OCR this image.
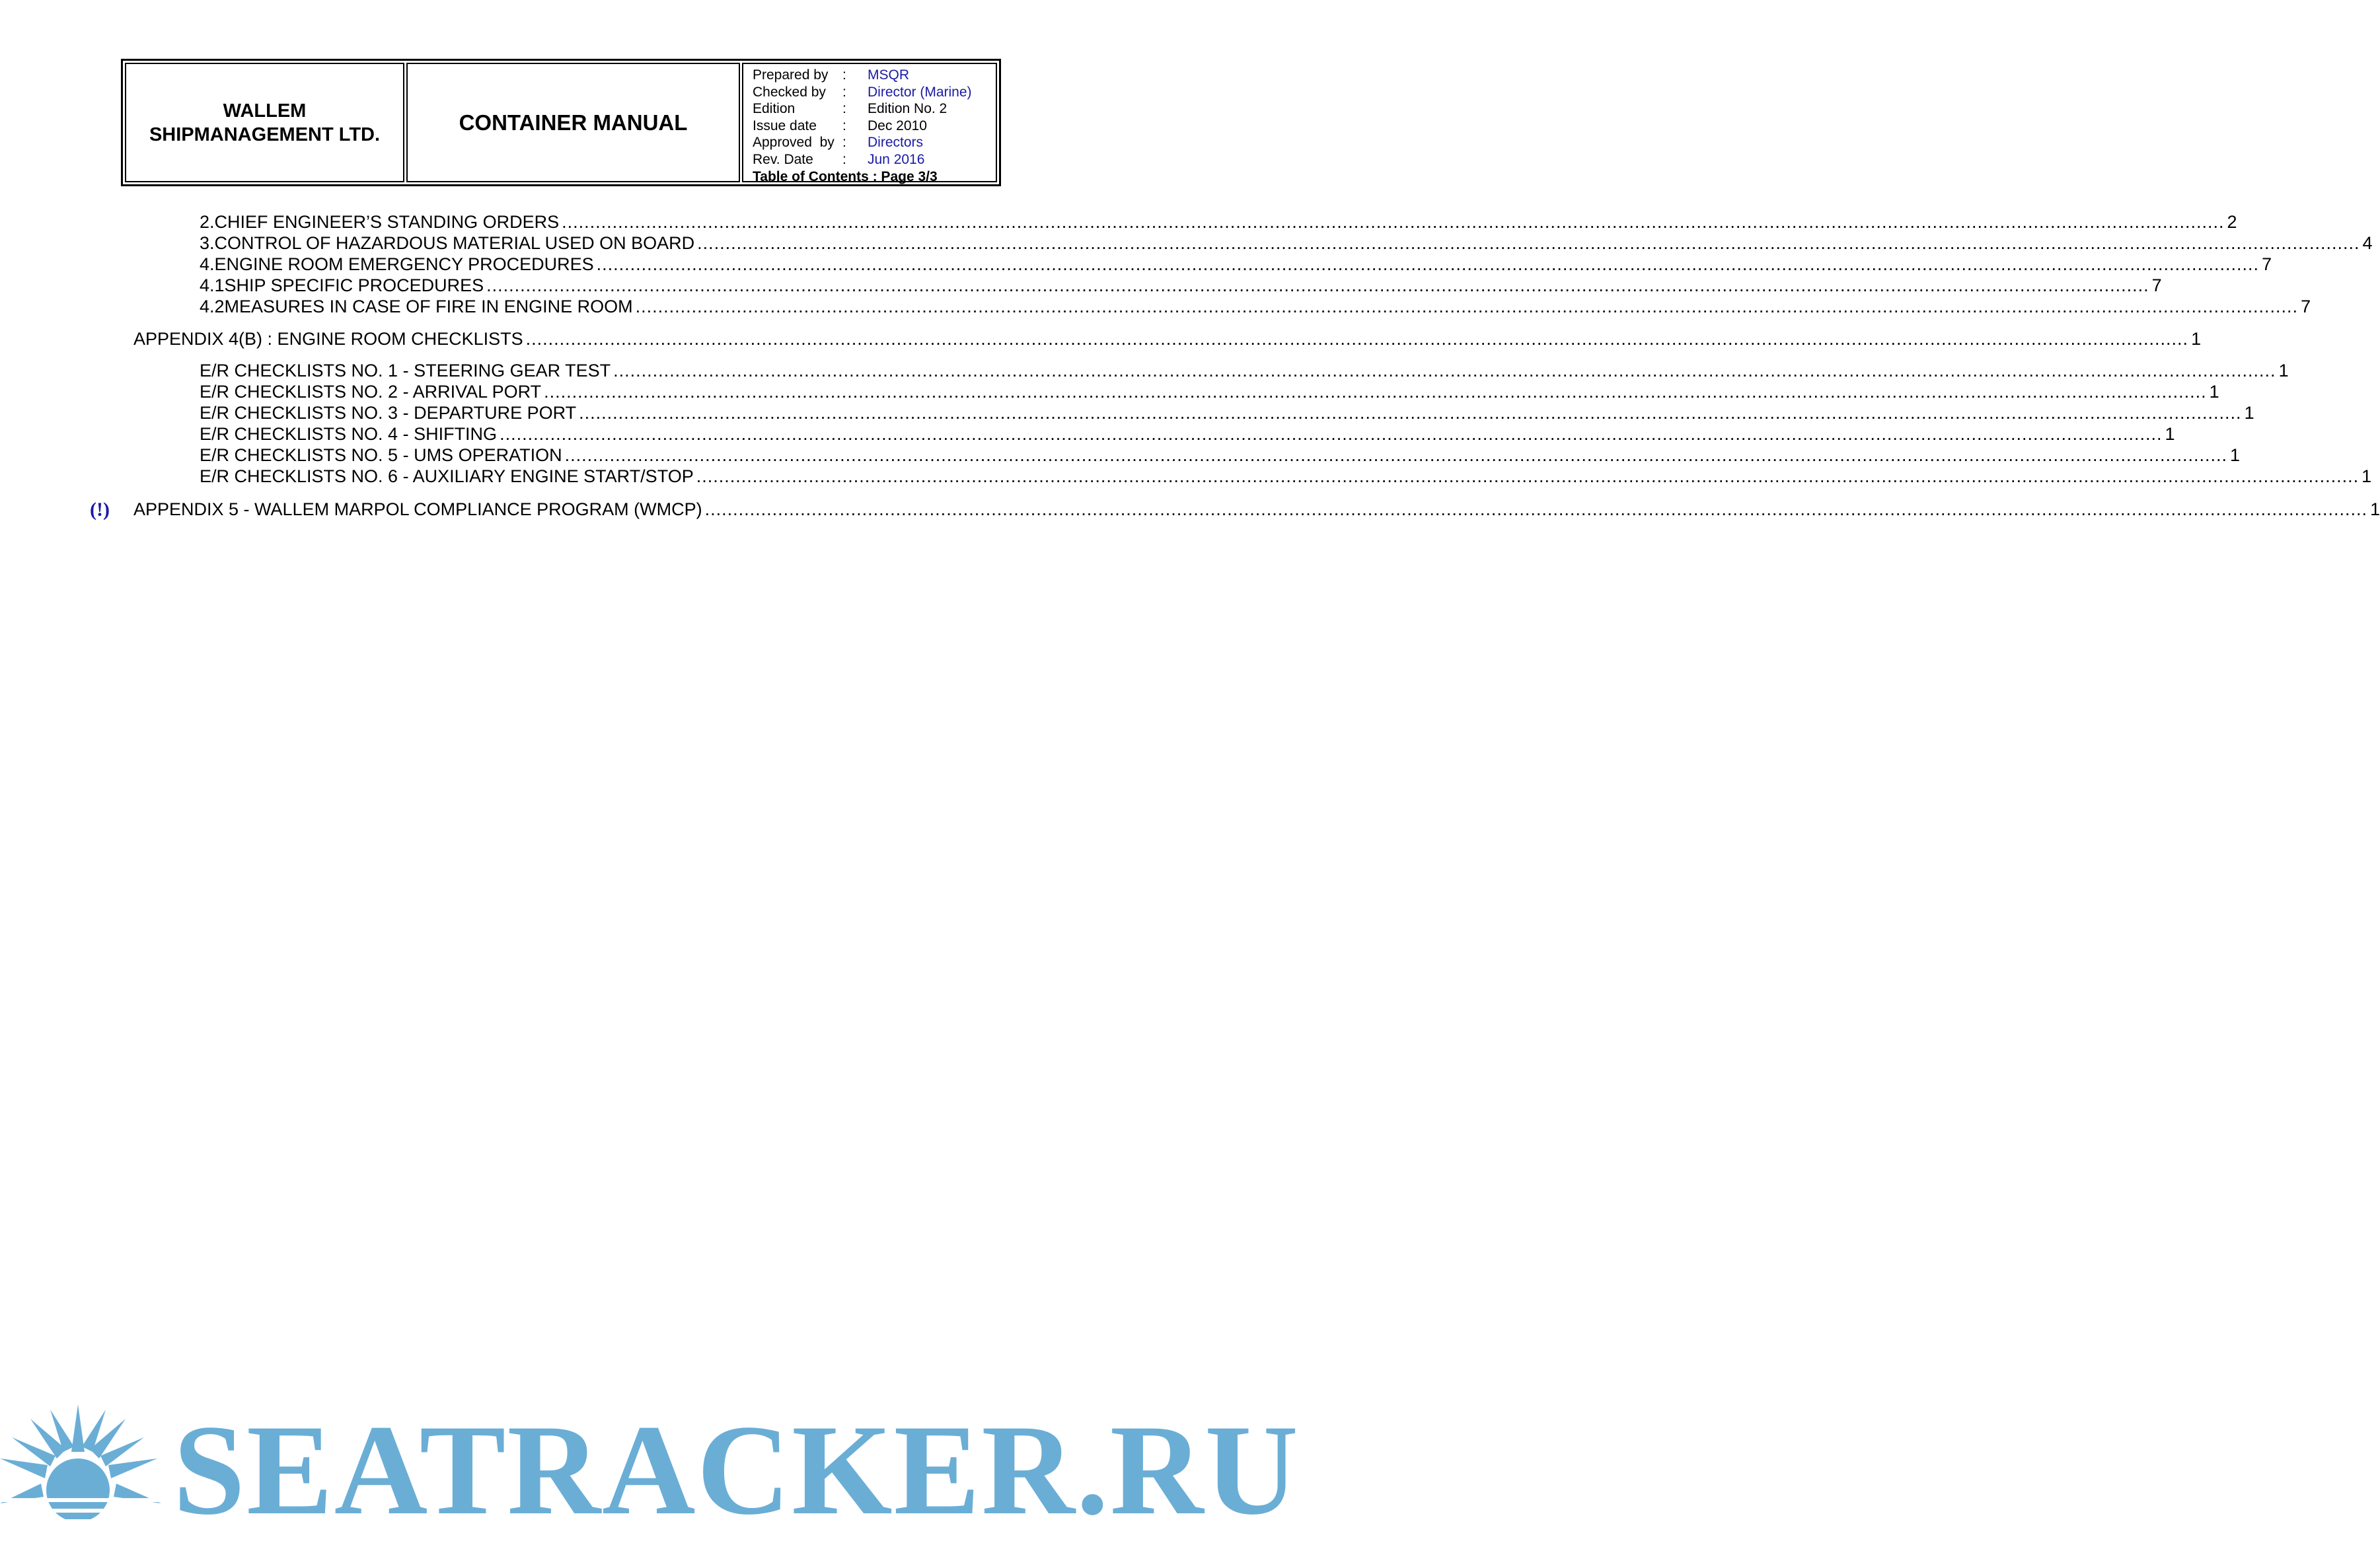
WALLEM
SHIPMANAGEMENT LTD.	CONTAINER MANUAL
Prepared by	:	MSQR
Checked by	:	Director (Marine)
Edition	:	Edition No. 2
Issue date	:	Dec 2010
Approved  by :	Directors
Rev. Date	:	Jun 2016
Table of Contents : Page 3/3
2. CHIEF ENGINEER’S STANDING ORDERS .....	2
3. CONTROL OF HAZARDOUS MATERIAL USED ON BOARD .....	4
4. ENGINE ROOM EMERGENCY PROCEDURES .....	7
4.1 SHIP SPECIFIC PROCEDURES .....	7
4.2 MEASURES IN CASE OF FIRE IN ENGINE ROOM .....	7
APPENDIX 4(B) : ENGINE ROOM CHECKLISTS .....	1
E/R CHECKLISTS NO. 1 - STEERING GEAR TEST .....	1
E/R CHECKLISTS NO. 2 - ARRIVAL PORT .....	1
E/R CHECKLISTS NO. 3 - DEPARTURE PORT .....	1
E/R CHECKLISTS NO. 4 - SHIFTING .....	1
E/R CHECKLISTS NO. 5 - UMS OPERATION .....	1
E/R CHECKLISTS NO. 6 - AUXILIARY ENGINE START/STOP .....	1
APPENDIX 5 - WALLEM MARPOL COMPLIANCE PROGRAM (WMCP) .....	1
(!)
SEATRACKER.RU
